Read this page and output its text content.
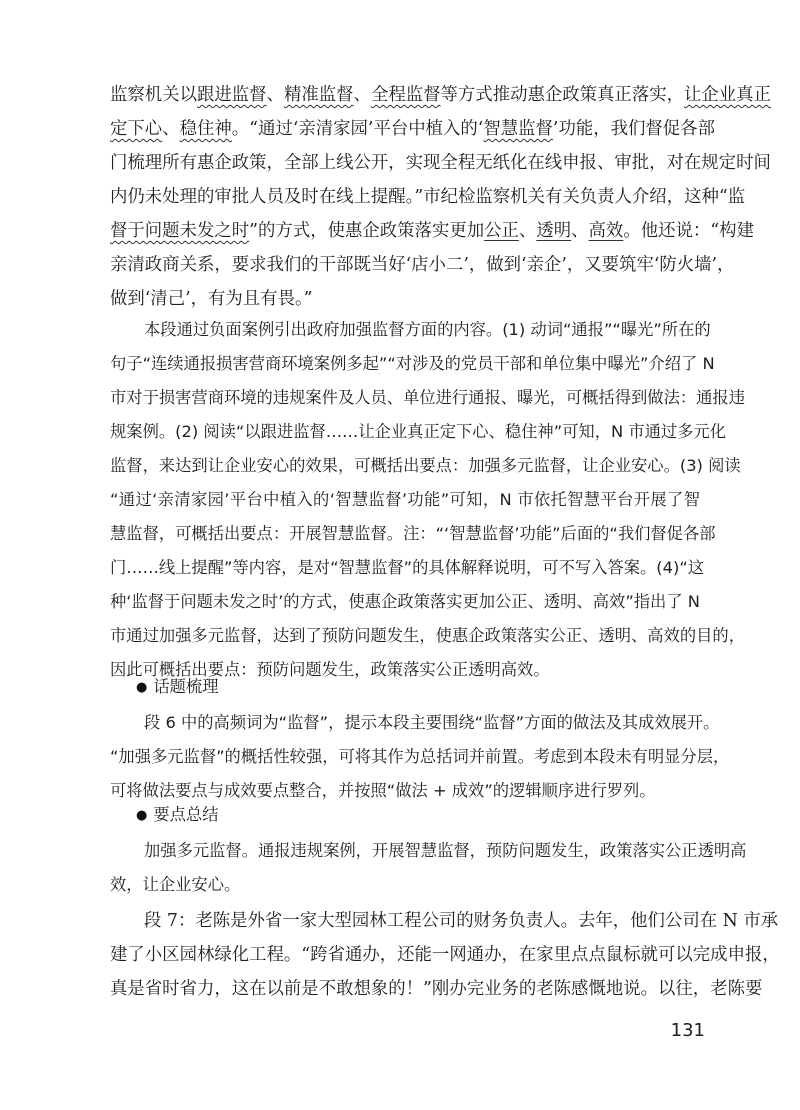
监察机关以跟进监督、精准监督、全程监督等方式推动惠企政策真正落实，让企业真正
定下心、稳住神。“通过‘亲清家园’平台中植入的‘智慧监督’功能，我们督促各部
门梳理所有惠企政策，全部上线公开，实现全程无纸化在线申报、审批，对在规定时间
内仍未处理的审批人员及时在线上提醒。”市纪检监察机关有关负责人介绍，这种“监
督于问题未发之时”的方式，使惠企政策落实更加公正、透明、高效。他还说：“构建
亲清政商关系，要求我们的干部既当好‘店小二’，做到‘亲企’，又要筑牢‘防火墙’，
做到‘清己’，有为且有畏。”
本段通过负面案例引出政府加强监督方面的内容。(1) 动词“通报”“曝光”所在的
句子“连续通报损害营商环境案例多起”“对涉及的党员干部和单位集中曝光”介绍了 N
市对于损害营商环境的违规案件及人员、单位进行通报、曝光，可概括得到做法：通报违
规案例。(2) 阅读“以跟进监督……让企业真正定下心、稳住神”可知，N 市通过多元化
监督，来达到让企业安心的效果，可概括出要点：加强多元监督，让企业安心。(3) 阅读
“通过‘亲清家园’平台中植入的‘智慧监督’功能”可知，N 市依托智慧平台开展了智
慧监督，可概括出要点：开展智慧监督。注：“‘智慧监督’功能”后面的“我们督促各部
门……线上提醒”等内容，是对“智慧监督”的具体解释说明，可不写入答案。(4)“这
种‘监督于问题未发之时’的方式，使惠企政策落实更加公正、透明、高效”指出了 N
市通过加强多元监督，达到了预防问题发生，使惠企政策落实公正、透明、高效的目的，
因此可概括出要点：预防问题发生，政策落实公正透明高效。
● 话题梳理
段 6 中的高频词为“监督”，提示本段主要围绕“监督”方面的做法及其成效展开。
“加强多元监督”的概括性较强，可将其作为总括词并前置。考虑到本段未有明显分层，
可将做法要点与成效要点整合，并按照“做法 + 成效”的逻辑顺序进行罗列。
● 要点总结
加强多元监督。通报违规案例，开展智慧监督，预防问题发生，政策落实公正透明高
效，让企业安心。
段 7：老陈是外省一家大型园林工程公司的财务负责人。去年，他们公司在 N 市承
建了小区园林绿化工程。“跨省通办，还能一网通办，在家里点点鼠标就可以完成申报，
真是省时省力，这在以前是不敢想象的！”刚办完业务的老陈感慨地说。以往，老陈要
131
